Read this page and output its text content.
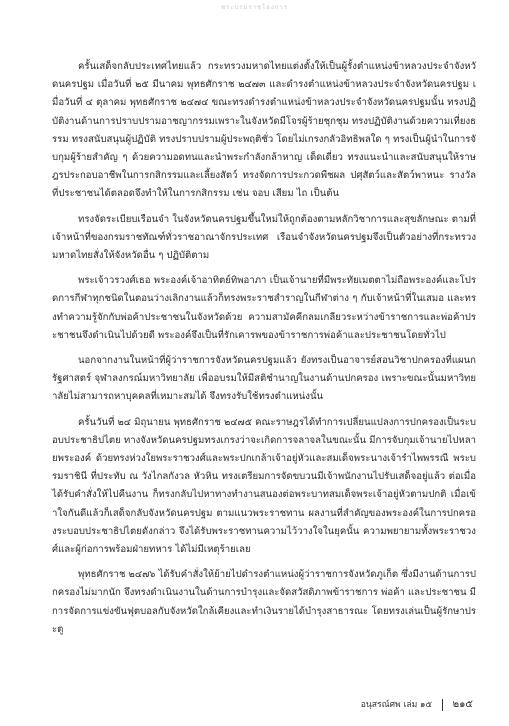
พระบรมราชโองการ

ครั้นเสด็จกลับประเทศไทยแล้ว กระทรวงมหาดไทยแต่งตั้งให้เป็นผู้รั้งตำแหน่งข้าหลวงประจำจังหวัดนครปฐม เมื่อวันที่ ๒๕ มีนาคม พุทธศักราช ๒๔๗๓ และดำรงตำแหน่งข้าหลวงประจำจังหวัดนครปฐม เมื่อวันที่ ๔ ตุลาคม พุทธศักราช ๒๔๗๔ ขณะทรงดำรงตำแหน่งข้าหลวงประจำจังหวัดนครปฐมนั้น ทรงปฏิบัติงานด้านการปราบปรามอาชญากรรมเพราะในจังหวัดมีโจรผู้ร้ายชุกชุม ทรงปฏิบัติงานด้วยความเที่ยงธรรม ทรงสนับสนุนผู้ปฏิบัติ ทรงปราบปรามผู้ประพฤติชั่ว โดยไม่เกรงกลัวอิทธิพลใด ๆ ทรงเป็นผู้นำในการจับกุมผู้ร้ายสำคัญ ๆ ด้วยความอดทนและนำพระกำลังกล้าหาญ เด็ดเดี่ยว ทรงแนะนำและสนับสนุนให้ราษฎรประกอบอาชีพในการกสิกรรมและเลี้ยงสัตว์ ทรงจัดการประกวดพืชผล ปศุสัตว์และสัตว์พาหนะ รางวัลที่ประชาชนได้ตลอดจึงทำให้ในการกสิกรรม เช่น จอบ เสียม ไถ เป็นต้น

ทรงจัดระเบียบเรือนจำ ในจังหวัดนครปฐมขึ้นใหม่ให้ถูกต้องตามหลักวิชาการและสุขลักษณะ ตามที่เจ้าหน้าที่ของกรมราชทัณฑ์ทั่วราชอาณาจักรประเทศ เรือนจำจังหวัดนครปฐมจึงเป็นตัวอย่างที่กระทรวงมหาดไทยสั่งให้จังหวัดอื่น ๆ ปฏิบัติตาม

พระเจ้าวรวงศ์เธอ พระองค์เจ้าอาทิตย์ทิพอาภา เป็นเจ้านายที่มีพระทัยเมตตาไม่ถือพระองค์และโปรดการกีฬาทุกชนิดในตอนว่างเลิกงานแล้วก็ทรงพระราชสำราญในกีฬาต่าง ๆ กับเจ้าหน้าที่ในเสมอ และทรงทำความรู้จักกับพ่อค้าประชาชนในจังหวัดด้วย ความสามัคคีกลมเกลียวระหว่างข้าราชการและพ่อค้าประชาชนจึงดำเนินไปด้วยดี พระองค์จึงเป็นที่รักเคารพของข้าราชการพ่อค้าและประชาชนโดยทั่วไป

นอกจากงานในหน้าที่ผู้ว่าราชการจังหวัดนครปฐมแล้ว ยังทรงเป็นอาจารย์สอนวิชาปกครองที่แผนกรัฐศาสตร์ จุฬาลงกรณ์มหาวิทยาลัย เพื่ออบรมให้มีสติชำนาญในงานด้านปกครอง เพราะขณะนั้นมหาวิทยาลัยไม่สามารถหาบุคคลที่เหมาะสมได้ จึงทรงรับใช้ทรงตำแหน่งนั้น

ครั้นวันที่ ๒๔ มิถุนายน พุทธศักราช ๒๔๗๕ คณะราษฎรได้ทำการเปลี่ยนแปลงการปกครองเป็นระบอบประชาธิปไตย ทางจังหวัดนครปฐมทรงเกรงว่าจะเกิดการจลาจลในขณะนั้น มีการจับกุมเจ้านายไปหลายพระองค์ ด้วยทรงห่วงใยพระราชวงศ์และพระปกเกล้าเจ้าอยู่หัวและสมเด็จพระนางเจ้ารำไพพรรณี พระบรมราชินี ที่ประทับ ณ วังไกลกังวล หัวหิน ทรงเตรียมการจัดขบวนมีเจ้าพนักงานไปรับเสด็จอยู่แล้ว ต่อเมื่อได้รับคำสั่งให้ไปคืนงาน ก็ทรงกลับไปหาทางทำงานสนองต่อพระบาทสมเด็จพระเจ้าอยู่หัวตามปกติ เมื่อเข้าใจกันดีแล้วก็เสด็จกลับจังหวัดนครปฐม ตามแนวพระราชทาน ผลงานที่สำคัญของพระองค์ในการปกครองระบอบประชาธิปไตยดังกล่าว จึงได้รับพระราชทานความไว้วางใจในยุคนั้น ความพยายามทั้งพระราชวงศ์และผู้ก่อการพร้อมฝ่ายทหาร ได้ไม่มีเหตุร้ายเลย

พุทธศักราช ๒๔๗๖ ได้รับคำสั่งให้ย้ายไปดำรงตำแหน่งผู้ว่าราชการจังหวัดภูเก็ต ซึ่งมีงานด้านการปกครองไม่มากนัก จึงทรงดำเนินงานในด้านการบำรุงและจัดสวัสดิภาพข้าราชการ พ่อค้า และประชาชน มีการจัดการแข่งขันฟุตบอลกับจังหวัดใกล้เคียงและทำเงินรายได้บำรุงสาธารณะ โดยทรงเล่นเป็นผู้รักษาประตู

อนุสรณ์ศพ เล่ม ๑๕ ๒๑๕
